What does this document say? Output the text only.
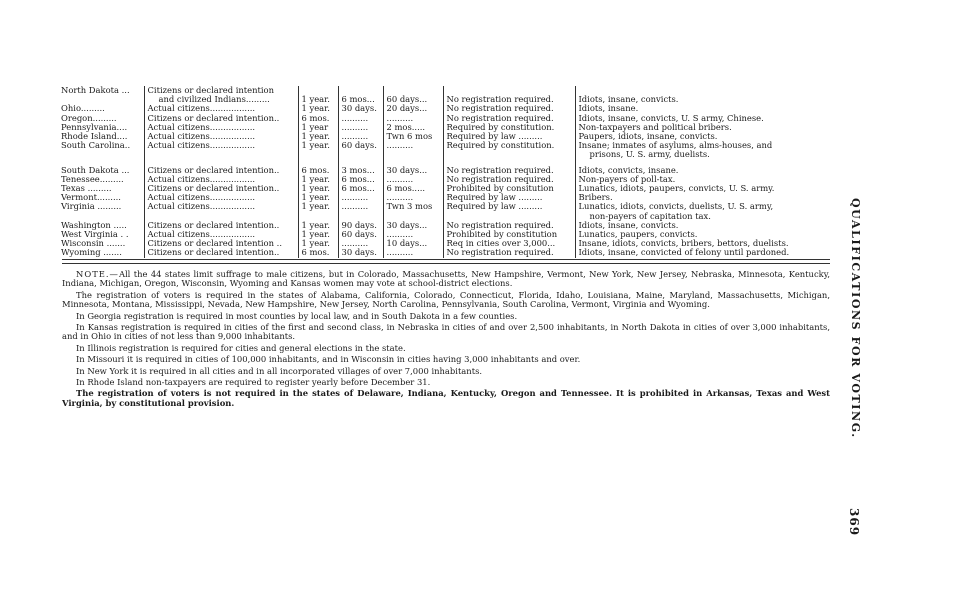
North Dakota ...	Citizens or declared intention					
	and civilized Indians.........	1 year.	6 mos...	60 days...	No registration required.	Idiots, insane, convicts.
Ohio.........	Actual citizens.................	1 year.	30 days.	20 days...	No registration required.	Idiots, insane.
Oregon.........	Citizens or declared intention..	6 mos.	..........	..........	No registration required.	Idiots, insane, convicts, U. S army, Chinese.
Pennsylvania....	Actual citizens.................	1 year	..........	2 mos.....	Required by constitution.	Non-taxpayers and political bribers.
Rhode Island....	Actual citizens.................	1 year.	..........	Twn 6 mos	Required by law .........	Paupers, idiots, insane, convicts.
South Carolina..	Actual citizens.................	1 year.	60 days.	..........	Required by constitution.	Insane; inmates of asylums, alms-houses, and
						prisons, U. S. army, duelists.
South Dakota ...	Citizens or declared intention..	6 mos.	3 mos...	30 days...	No registration required.	Idiots, convicts, insane.
Tenessee.........	Actual citizens.................	1 year.	6 mos...	..........	No registration required.	Non-payers of poll-tax.
Texas .........	Citizens or declared intention..	1 year.	6 mos...	6 mos.....	Prohibited by consitution	Lunatics, idiots, paupers, convicts, U. S. army.
Vermont.........	Actual citizens.................	1 year.	..........	..........	Required by law .........	Bribers.
Virginia .........	Actual citizens.................	1 year.	..........	Twn 3 mos	Required by law .........	Lunatics, idiots, convicts, duelists, U. S. army,
						non-payers of capitation tax.
Washington .....	Citizens or declared intention..	1 year.	90 days.	30 days...	No registration required.	Idiots, insane, convicts.
West Virginia . .	Actual citizens.................	1 year.	60 days.	..........	Prohibited by constitution	Lunatics, paupers, convicts.
Wisconsin .......	Citizens or declared intention ..	1 year.	..........	10 days...	Req in cities over 3,000...	Insane, idiots, convicts, bribers, bettors, duelists.
Wyoming .......	Citizens or declared intention..	6 mos.	30 days.	..........	No registration required.	Idiots, insane, convicted of felony until pardoned.

NOTE.—All the 44 states limit suffrage to male citizens, but in Colorado, Massachusetts, New Hampshire, Vermont, New York, New Jersey, Nebraska, Minnesota, Kentucky, Indiana, Michigan, Oregon, Wisconsin, Wyoming and Kansas women may vote at school-district elections.

The registration of voters is required in the states of Alabama, California, Colorado, Connecticut, Florida, Idaho, Louisiana, Maine, Maryland, Massachusetts, Michigan, Minnesota, Montana, Mississippi, Nevada, New Hampshire, New Jersey, North Carolina, Pennsylvania, South Carolina, Vermont, Virginia and Wyoming.

In Georgia registration is required in most counties by local law, and in South Dakota in a few counties.

In Kansas registration is required in cities of the first and second class, in Nebraska in cities of and over 2,500 inhabitants, in North Dakota in cities of over 3,000 inhabitants, and in Ohio in cities of not less than 9,000 inhabitants.

In Illinois registration is required for cities and general elections in the state.

In Missouri it is required in cities of 100,000 inhabitants, and in Wisconsin in cities having 3,000 inhabitants and over.

In New York it is required in all cities and in all incorporated villages of over 7,000 inhabitants.

In Rhode Island non-taxpayers are required to register yearly before December 31.

The registration of voters is not required in the states of Delaware, Indiana, Kentucky, Oregon and Tennessee. It is prohibited in Arkansas, Texas and West Virginia, by constitutional provision.	QUALIFICATIONS FOR VOTING.
369
